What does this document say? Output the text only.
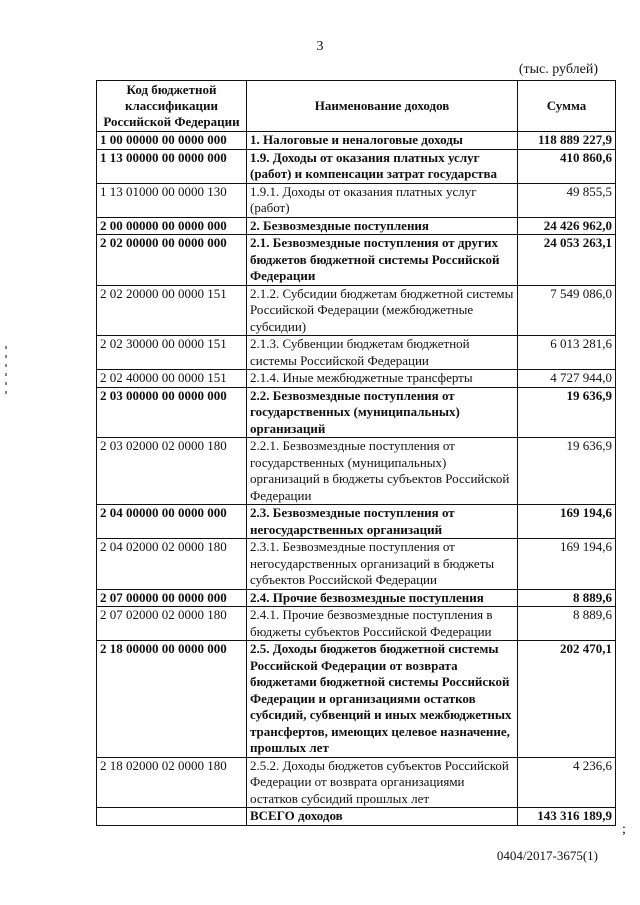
3
(тыс. рублей)
Код бюджетной классификации Российской Федерации	Наименование доходов	Сумма
1 00 00000 00 0000 000	1. Налоговые и неналоговые доходы	118 889 227,9
1 13 00000 00 0000 000	1.9. Доходы от оказания платных услуг (работ) и компенсации затрат государства	410 860,6
1 13 01000 00 0000 130	1.9.1. Доходы от оказания платных услуг (работ)	49 855,5
2 00 00000 00 0000 000	2. Безвозмездные поступления	24 426 962,0
2 02 00000 00 0000 000	2.1. Безвозмездные поступления от других бюджетов бюджетной системы Российской Федерации	24 053 263,1
2 02 20000 00 0000 151	2.1.2. Субсидии бюджетам бюджетной системы Российской Федерации (межбюджетные субсидии)	7 549 086,0
2 02 30000 00 0000 151	2.1.3. Субвенции бюджетам бюджетной системы Российской Федерации	6 013 281,6
2 02 40000 00 0000 151	2.1.4. Иные межбюджетные трансферты	4 727 944,0
2 03 00000 00 0000 000	2.2. Безвозмездные поступления от государственных (муниципальных) организаций	19 636,9
2 03 02000 02 0000 180	2.2.1. Безвозмездные поступления от государственных (муниципальных) организаций в бюджеты субъектов Российской Федерации	19 636,9
2 04 00000 00 0000 000	2.3. Безвозмездные поступления от негосударственных организаций	169 194,6
2 04 02000 02 0000 180	2.3.1. Безвозмездные поступления от негосударственных организаций в бюджеты субъектов Российской Федерации	169 194,6
2 07 00000 00 0000 000	2.4. Прочие безвозмездные поступления	8 889,6
2 07 02000 02 0000 180	2.4.1. Прочие безвозмездные поступления в бюджеты субъектов Российской Федерации	8 889,6
2 18 00000 00 0000 000	2.5. Доходы бюджетов бюджетной системы Российской Федерации от возврата бюджетами бюджетной системы Российской Федерации и организациями остатков субсидий, субвенций и иных межбюджетных трансфертов, имеющих целевое назначение, прошлых лет	202 470,1
2 18 02000 02 0000 180	2.5.2. Доходы бюджетов субъектов Российской Федерации от возврата организациями остатков субсидий прошлых лет	4 236,6
	ВСЕГО доходов	143 316 189,9
;
0404/2017-3675(1)
